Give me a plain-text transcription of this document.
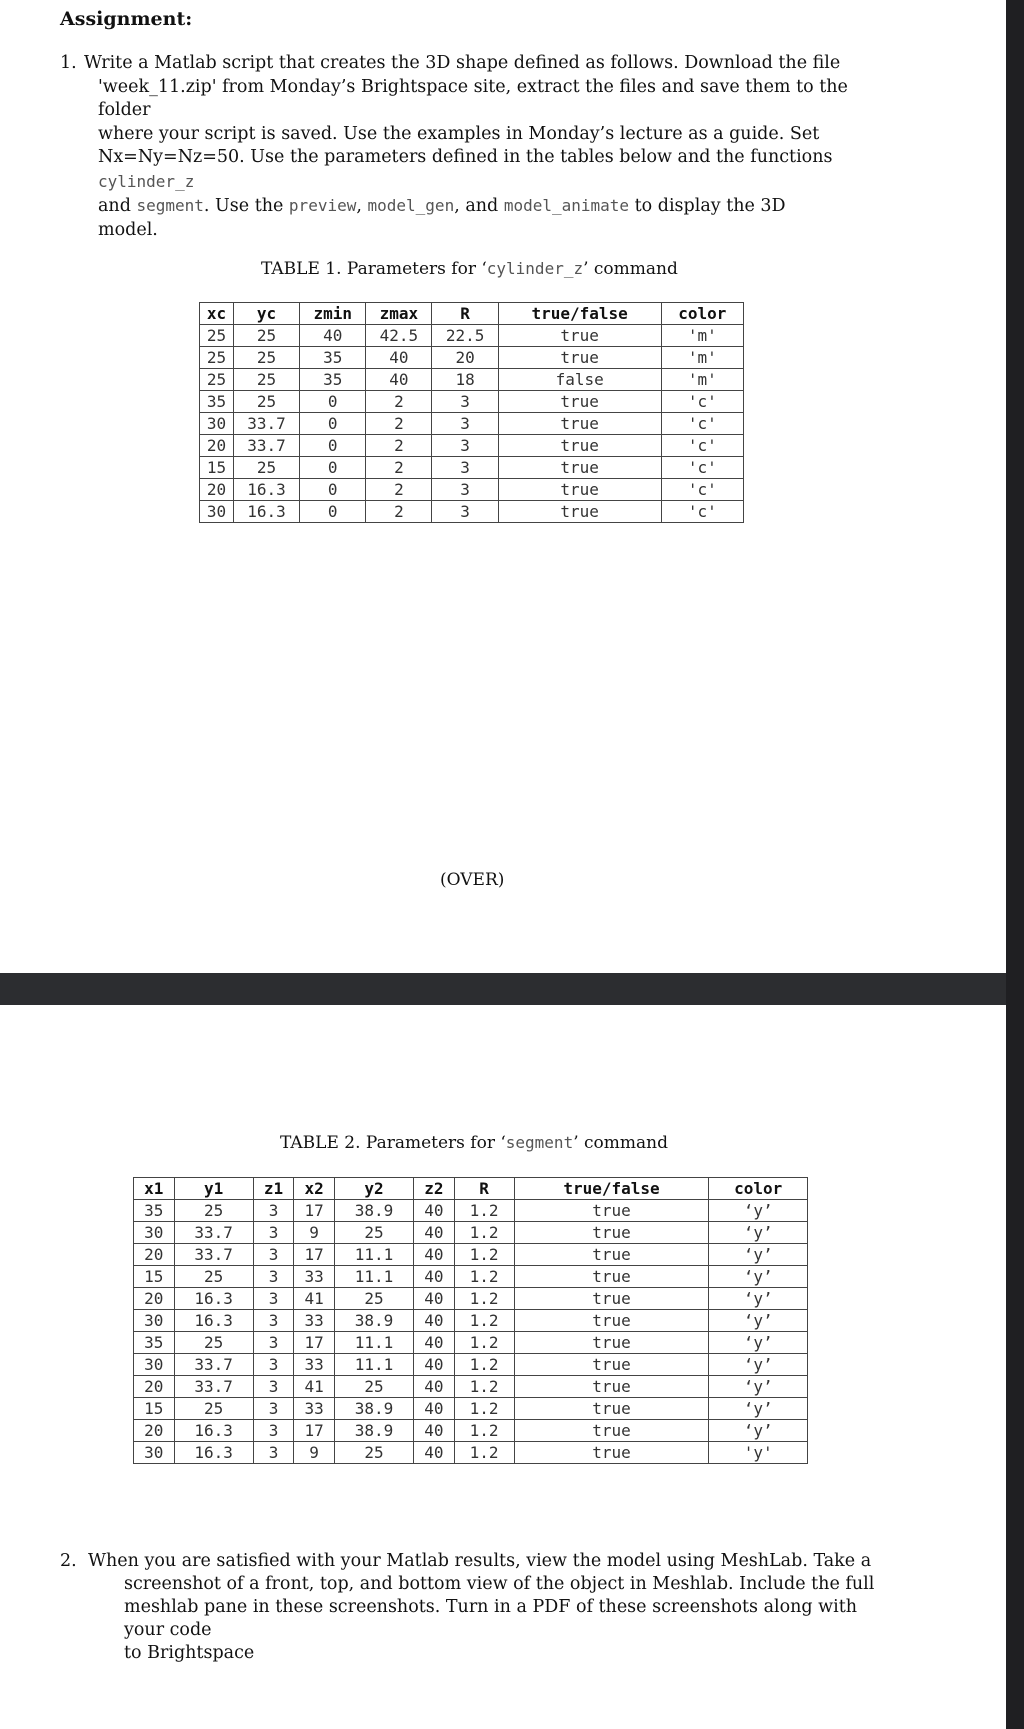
Assignment:
1. Write a Matlab script that creates the 3D shape defined as follows. Download the file
'week_11.zip' from Monday’s Brightspace site, extract the files and save them to the folder
where your script is saved. Use the examples in Monday’s lecture as a guide. Set
Nx=Ny=Nz=50. Use the parameters defined in the tables below and the functions cylinder_z
and segment. Use the preview, model_gen, and model_animate to display the 3D
model.
TABLE 1. Parameters for ‘cylinder_z’ command
xc	yc	zmin	zmax	R	true/false	color
25	25	40	42.5	22.5	true	'm'
25	25	35	40	20	true	'm'
25	25	35	40	18	false	'm'
35	25	0	2	3	true	'c'
30	33.7	0	2	3	true	'c'
20	33.7	0	2	3	true	'c'
15	25	0	2	3	true	'c'
20	16.3	0	2	3	true	'c'
30	16.3	0	2	3	true	'c'
(OVER)
TABLE 2. Parameters for ‘segment’ command
x1	y1	z1	x2	y2	z2	R	true/false	color
35	25	3	17	38.9	40	1.2	true	‘y’
30	33.7	3	9	25	40	1.2	true	‘y’
20	33.7	3	17	11.1	40	1.2	true	‘y’
15	25	3	33	11.1	40	1.2	true	‘y’
20	16.3	3	41	25	40	1.2	true	‘y’
30	16.3	3	33	38.9	40	1.2	true	‘y’
35	25	3	17	11.1	40	1.2	true	‘y’
30	33.7	3	33	11.1	40	1.2	true	‘y’
20	33.7	3	41	25	40	1.2	true	‘y’
15	25	3	33	38.9	40	1.2	true	‘y’
20	16.3	3	17	38.9	40	1.2	true	‘y’
30	16.3	3	9	25	40	1.2	true	'y'
2. When you are satisfied with your Matlab results, view the model using MeshLab. Take a
screenshot of a front, top, and bottom view of the object in Meshlab. Include the full
meshlab pane in these screenshots. Turn in a PDF of these screenshots along with your code
to Brightspace
